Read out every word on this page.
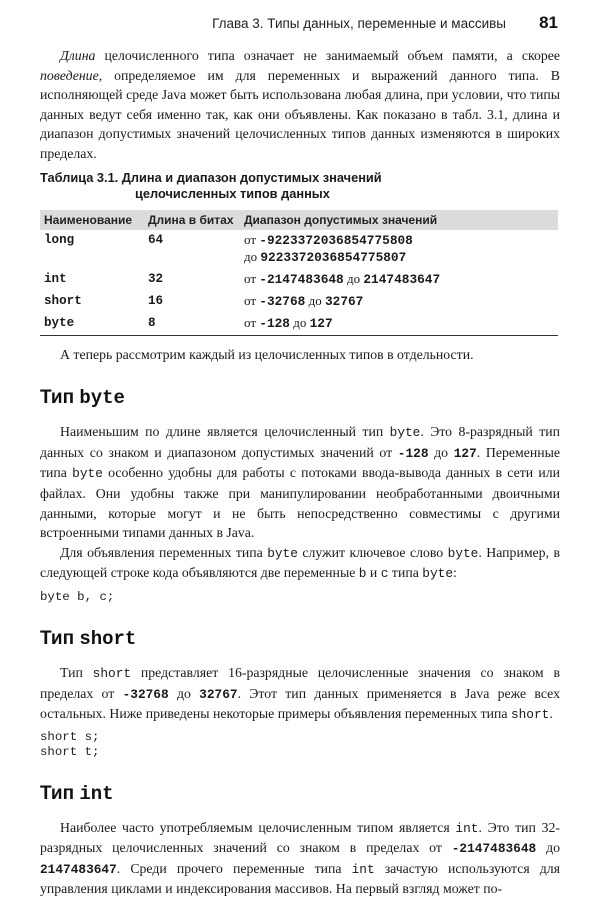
Глава 3. Типы данных, переменные и массивы 81

Длина целочисленного типа означает не занимаемый объем памяти, а скорее поведение, определяемое им для переменных и выражений данного типа. В исполняющей среде Java может быть использована любая длина, при условии, что типы данных ведут себя именно так, как они объявлены. Как показано в табл. 3.1, длина и диапазон допустимых значений целочисленных типов данных изменяются в широких пределах.

Таблица 3.1. Длина и диапазон допустимых значений
целочисленных типов данных
Наименование	Длина в битах	Диапазон допустимых значений
long	64	от -9223372036854775808
до 9223372036854775807
int	32	от -2147483648 до 2147483647
short	16	от -32768 до 32767
byte	8	от -128 до 127

А теперь рассмотрим каждый из целочисленных типов в отдельности.

Тип byte

Наименьшим по длине является целочисленный тип byte. Это 8-разрядный тип данных со знаком и диапазоном допустимых значений от -128 до 127. Переменные типа byte особенно удобны для работы с потоками ввода-вывода данных в сети или файлах. Они удобны также при манипулировании необработанными двоичными данными, которые могут и не быть непосредственно совместимы с другими встроенными типами данных в Java.

Для объявления переменных типа byte служит ключевое слово byte. Например, в следующей строке кода объявляются две переменные b и c типа byte:

byte b, c;
Тип short

Тип short представляет 16-разрядные целочисленные значения со знаком в пределах от -32768 до 32767. Этот тип данных применяется в Java реже всех остальных. Ниже приведены некоторые примеры объявления переменных типа short.

short s;
short t;
Тип int

Наиболее часто употребляемым целочисленным типом является int. Это тип 32-разрядных целочисленных значений со знаком в пределах от -2147483648 до 2147483647. Среди прочего переменные типа int зачастую используются для управления циклами и индексирования массивов. На первый взгляд может по-
